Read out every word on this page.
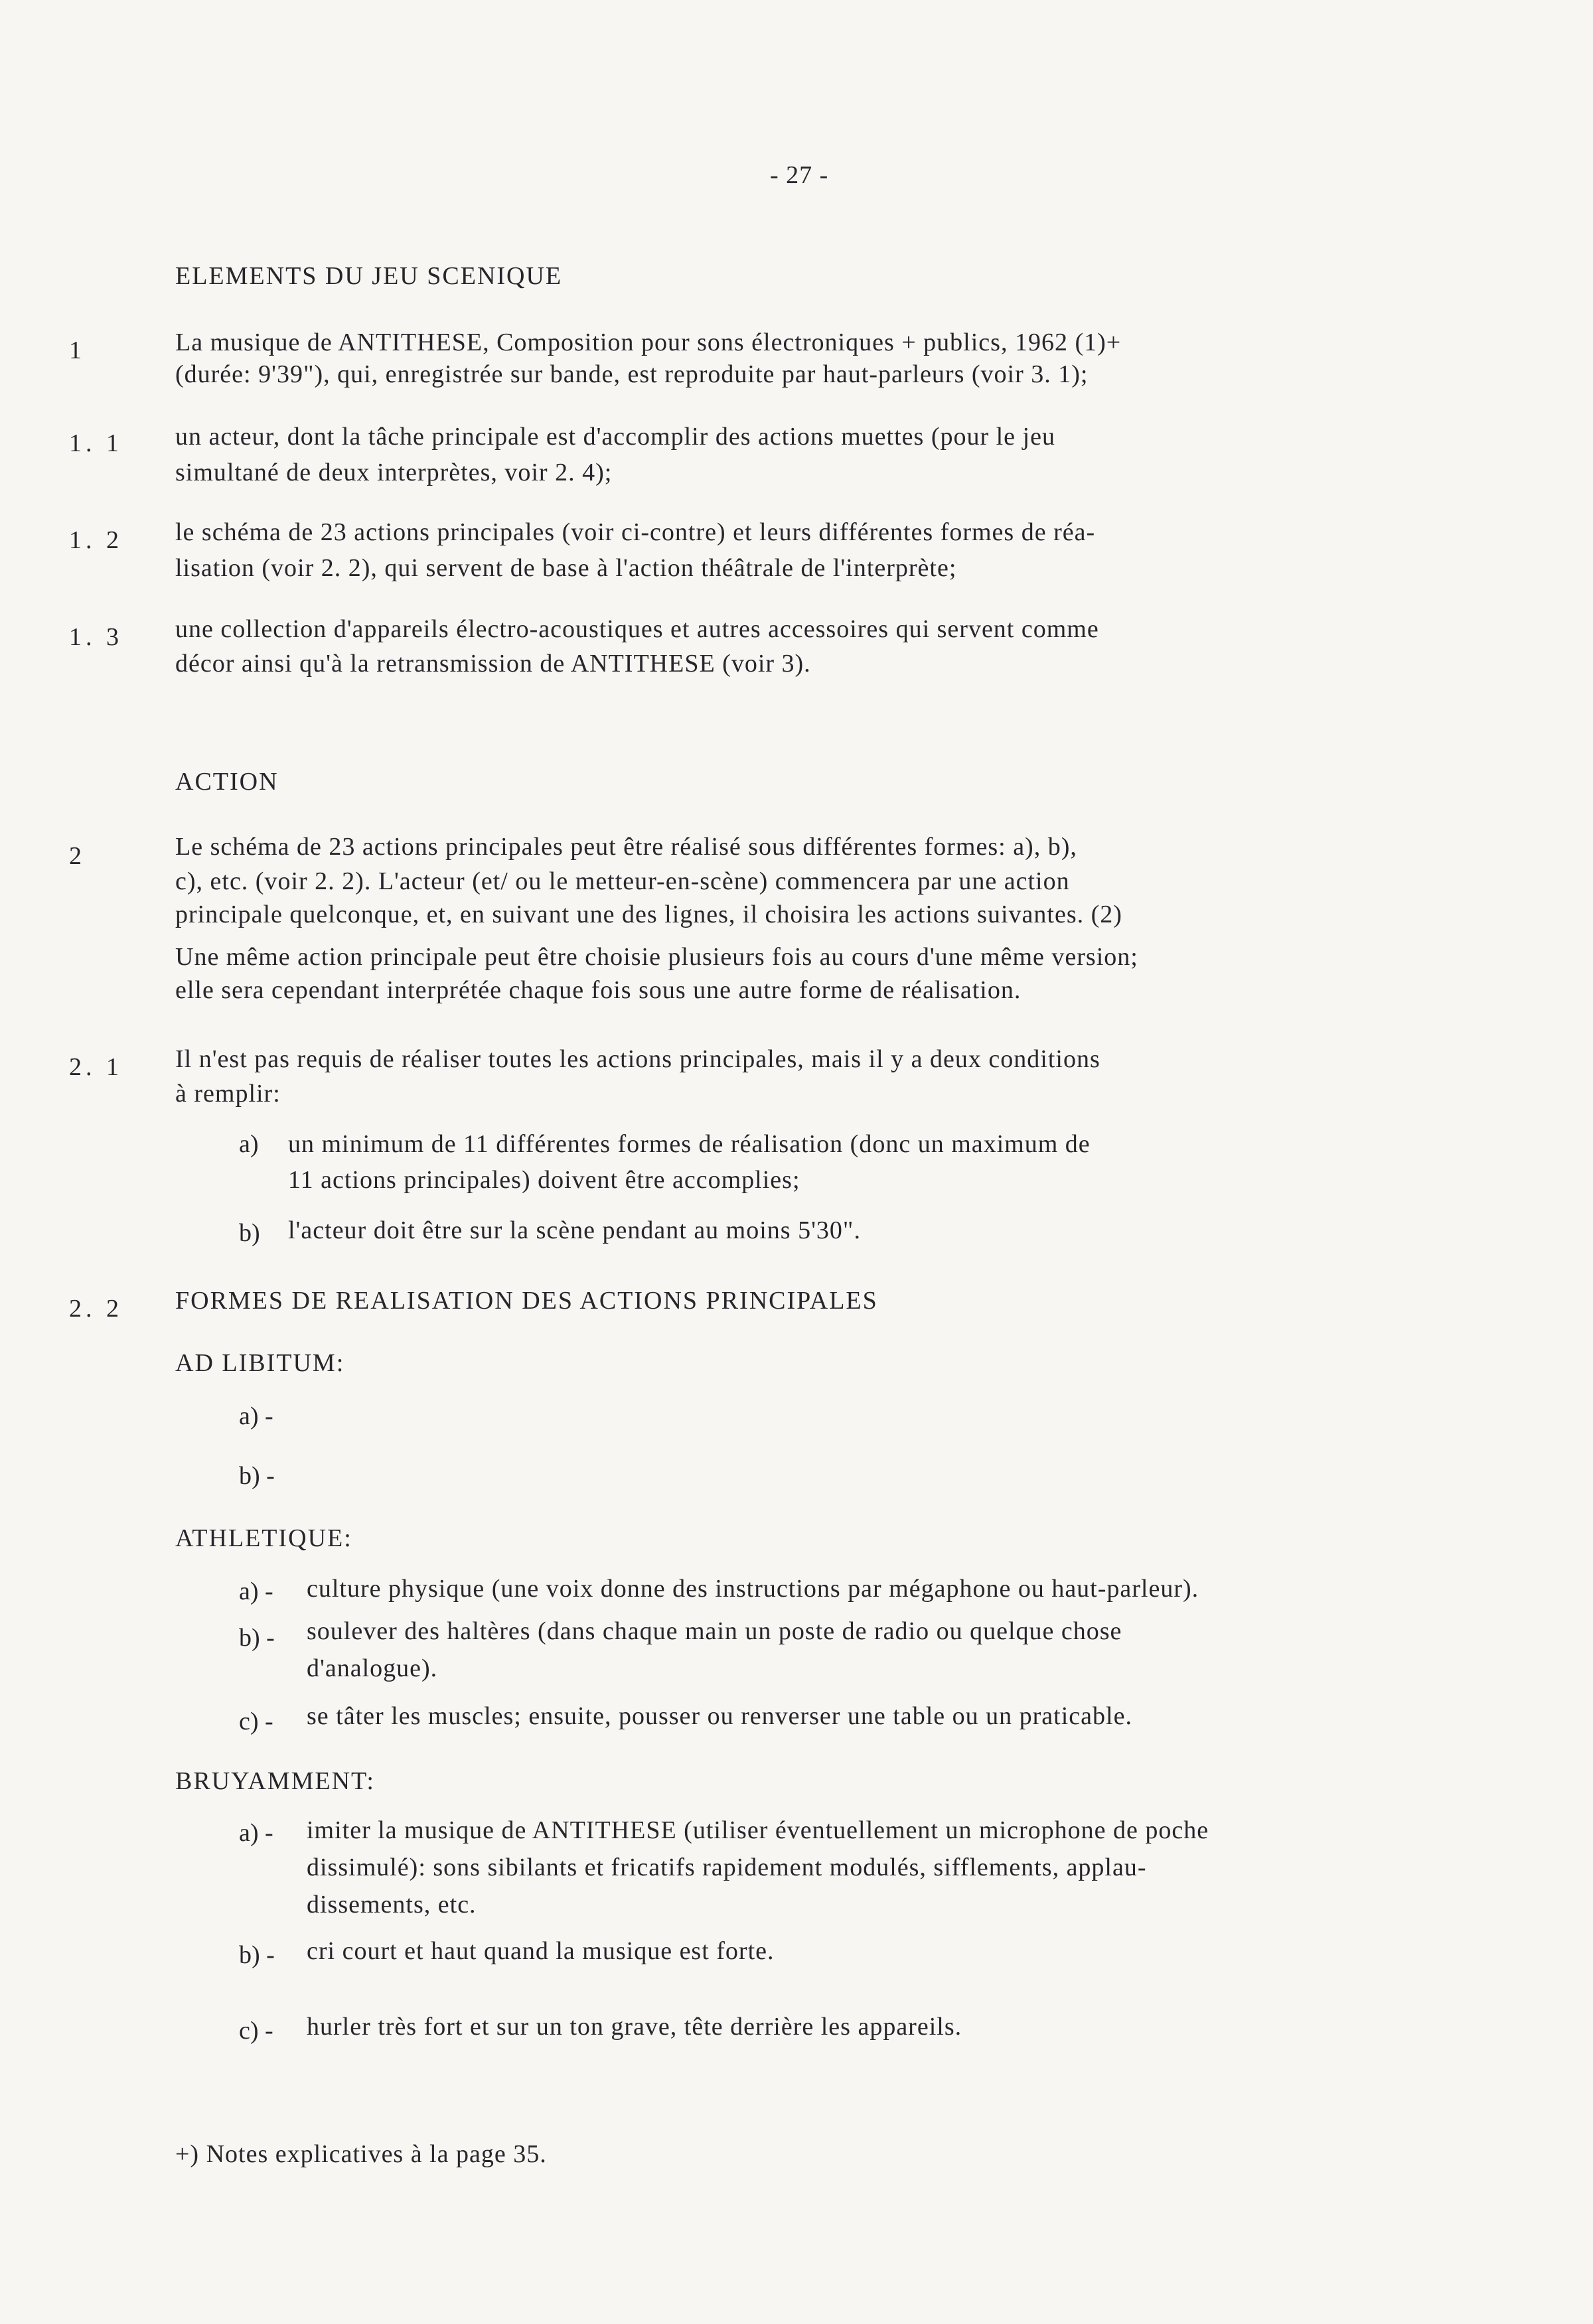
- 27 -
ELEMENTS DU JEU SCENIQUE
1	La musique de ANTITHESE, Composition pour sons électroniques + publics, 1962 (1)+
(durée: 9'39"), qui, enregistrée sur bande, est reproduite par haut-parleurs (voir 3. 1);
1. 1 un acteur, dont la tâche principale est d'accomplir des actions muettes (pour le jeu
simultané de deux interprètes, voir 2. 4);
1. 2 le schéma de 23 actions principales (voir ci-contre) et leurs différentes formes de réa-
lisation (voir 2. 2), qui servent de base à l'action théâtrale de l'interprète;
1. 3 une collection d'appareils électro-acoustiques et autres accessoires qui servent comme
décor ainsi qu'à la retransmission de ANTITHESE (voir 3).
ACTION
2	Le schéma de 23 actions principales peut être réalisé sous différentes formes: a), b),
c), etc. (voir 2. 2). L'acteur (et/ ou le metteur-en-scène) commencera par une action
principale quelconque, et, en suivant une des lignes, il choisira les actions suivantes. (2)
Une même action principale peut être choisie plusieurs fois au cours d'une même version;
elle sera cependant interprétée chaque fois sous une autre forme de réalisation.
2. 1 Il n'est pas requis de réaliser toutes les actions principales, mais il y a deux conditions
à remplir:
a) un minimum de 11 différentes formes de réalisation (donc un maximum de
11 actions principales) doivent être accomplies;
b) l'acteur doit être sur la scène pendant au moins 5'30".
2. 2 FORMES DE REALISATION DES ACTIONS PRINCIPALES
AD LIBITUM:
a) -
b) -
ATHLETIQUE:
a) - culture physique (une voix donne des instructions par mégaphone ou haut-parleur).
b) - soulever des haltères (dans chaque main un poste de radio ou quelque chose
d'analogue).
c) - se tâter les muscles; ensuite, pousser ou renverser une table ou un praticable.
BRUYAMMENT:
a) - imiter la musique de ANTITHESE (utiliser éventuellement un microphone de poche
dissimulé): sons sibilants et fricatifs rapidement modulés, sifflements, applau-
dissements, etc.
b) - cri court et haut quand la musique est forte.
c) - hurler très fort et sur un ton grave, tête derrière les appareils.
+) Notes explicatives à la page 35.
